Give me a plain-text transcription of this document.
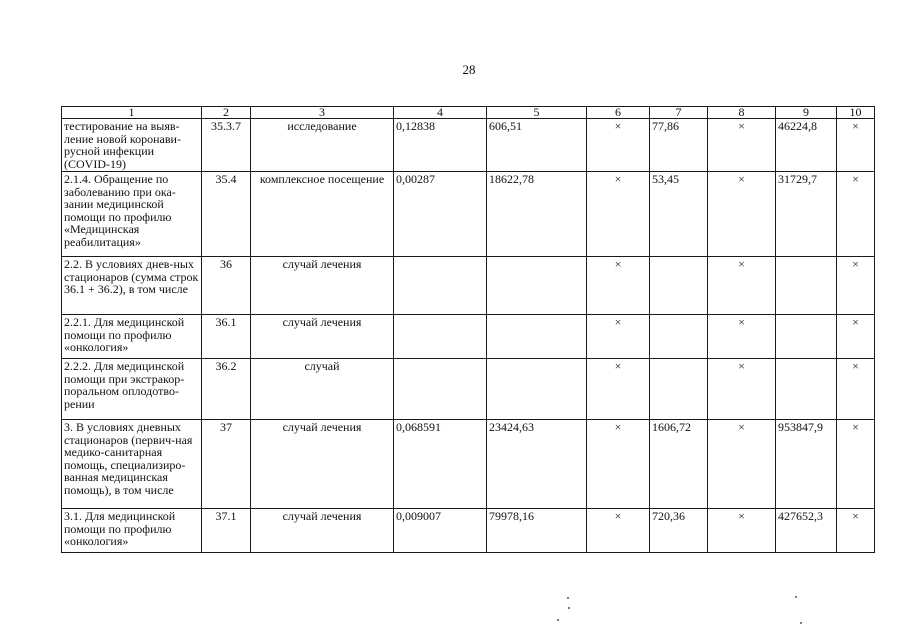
28
1	2	3	4	5	6	7	8	9	10
тестирование на выяв-ление новой коронави-русной инфекции (COVID-19)	35.3.7	исследование	0,12838	606,51	×	77,86	×	46224,8	×
2.1.4. Обращение по заболеванию при ока-зании медицинской помощи по профилю «Медицинская реабилитация»	35.4	комплексное посещение	0,00287	18622,78	×	53,45	×	31729,7	×
2.2. В условиях днев-ных стационаров (сумма строк 36.1 + 36.2), в том числе	36	случай лечения			×		×		×
2.2.1. Для медицинской помощи по профилю «онкология»	36.1	случай лечения			×		×		×
2.2.2. Для медицинской помощи при экстракор-поральном оплодотво-рении	36.2	случай			×		×		×
3. В условиях дневных стационаров (первич-ная медико-санитарная помощь, специализиро-ванная медицинская помощь), в том числе	37	случай лечения	0,068591	23424,63	×	1606,72	×	953847,9	×
3.1. Для медицинской помощи по профилю «онкология»	37.1	случай лечения	0,009007	79978,16	×	720,36	×	427652,3	×
